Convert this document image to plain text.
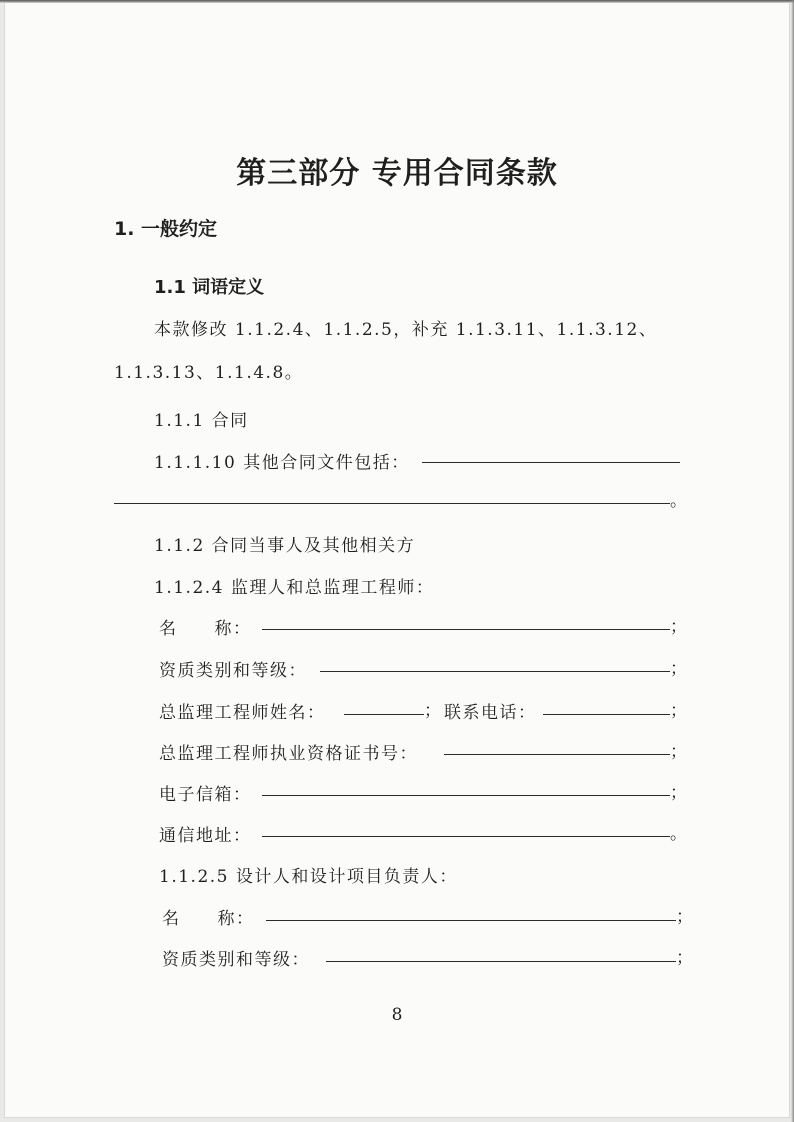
第三部分 专用合同条款
1. 一般约定
1.1 词语定义
本款修改 1.1.2.4、1.1.2.5，补充 1.1.3.11、1.1.3.12、
1.1.3.13、1.1.4.8。
1.1.1 合同
1.1.1.10 其他合同文件包括：
。
1.1.2 合同当事人及其他相关方
1.1.2.4 监理人和总监理工程师：
名　　称：	；
资质类别和等级：	；
总监理工程师姓名：	； 联系电话：	；
总监理工程师执业资格证书号：	；
电子信箱：	；
通信地址：	。
1.1.2.5 设计人和设计项目负责人：
名　　称：	；
资质类别和等级：	；
8
